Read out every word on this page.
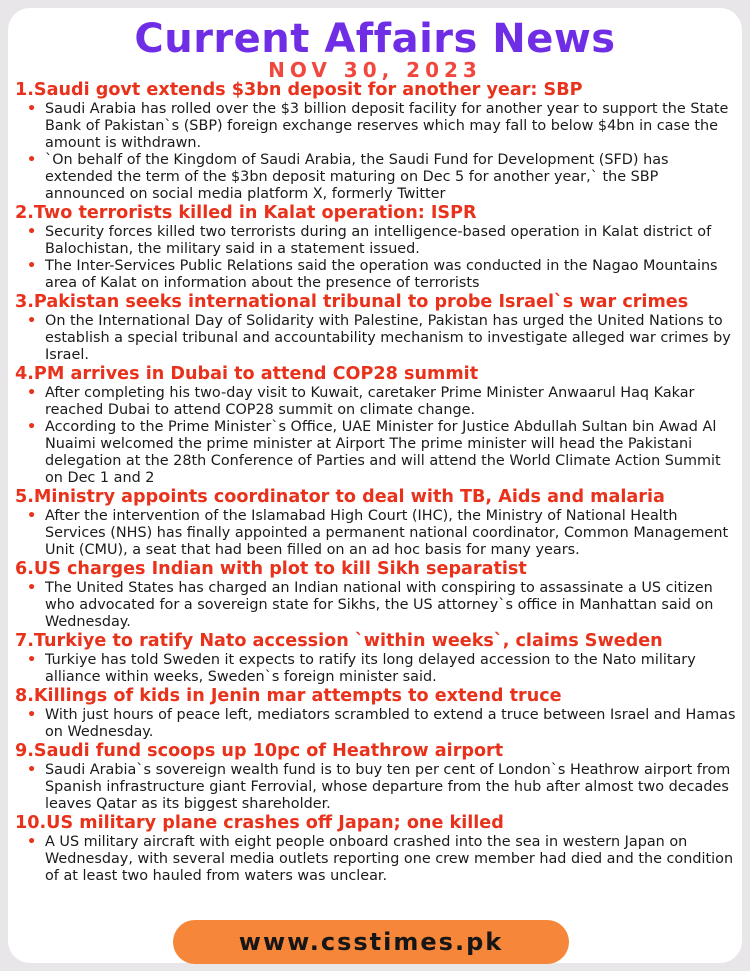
Current Affairs News
NOV 30, 2023
1.Saudi govt extends $3bn deposit for another year: SBP
• Saudi Arabia has rolled over the $3 billion deposit facility for another year to support the State Bank of Pakistan`s (SBP) foreign exchange reserves which may fall to below $4bn in case the amount is withdrawn.
• `On behalf of the Kingdom of Saudi Arabia, the Saudi Fund for Development (SFD) has extended the term of the $3bn deposit maturing on Dec 5 for another year,` the SBP announced on social media platform X, formerly Twitter
2.Two terrorists killed in Kalat operation: ISPR
• Security forces killed two terrorists during an intelligence-based operation in Kalat district of Balochistan, the military said in a statement issued.
• The Inter-Services Public Relations said the operation was conducted in the Nagao Mountains area of Kalat on information about the presence of terrorists
3.Pakistan seeks international tribunal to probe Israel`s war crimes
• On the International Day of Solidarity with Palestine, Pakistan has urged the United Nations to establish a special tribunal and accountability mechanism to investigate alleged war crimes by Israel.
4.PM arrives in Dubai to attend COP28 summit
• After completing his two-day visit to Kuwait, caretaker Prime Minister Anwaarul Haq Kakar reached Dubai to attend COP28 summit on climate change.
• According to the Prime Minister`s Office, UAE Minister for Justice Abdullah Sultan bin Awad Al Nuaimi welcomed the prime minister at Airport The prime minister will head the Pakistani delegation at the 28th Conference of Parties and will attend the World Climate Action Summit on Dec 1 and 2
5.Ministry appoints coordinator to deal with TB, Aids and malaria
• After the intervention of the Islamabad High Court (IHC), the Ministry of National Health Services (NHS) has finally appointed a permanent national coordinator, Common Management Unit (CMU), a seat that had been filled on an ad hoc basis for many years.
6.US charges Indian with plot to kill Sikh separatist
• The United States has charged an Indian national with conspiring to assassinate a US citizen who advocated for a sovereign state for Sikhs, the US attorney`s office in Manhattan said on Wednesday.
7.Turkiye to ratify Nato accession `within weeks`, claims Sweden
• Turkiye has told Sweden it expects to ratify its long delayed accession to the Nato military alliance within weeks, Sweden`s foreign minister said.
8.Killings of kids in Jenin mar attempts to extend truce
• With just hours of peace left, mediators scrambled to extend a truce between Israel and Hamas on Wednesday.
9.Saudi fund scoops up 10pc of Heathrow airport
• Saudi Arabia`s sovereign wealth fund is to buy ten per cent of London`s Heathrow airport from Spanish infrastructure giant Ferrovial, whose departure from the hub after almost two decades leaves Qatar as its biggest shareholder.
10.US military plane crashes off Japan; one killed
• A US military aircraft with eight people onboard crashed into the sea in western Japan on Wednesday, with several media outlets reporting one crew member had died and the condition of at least two hauled from waters was unclear.
www.csstimes.pk
